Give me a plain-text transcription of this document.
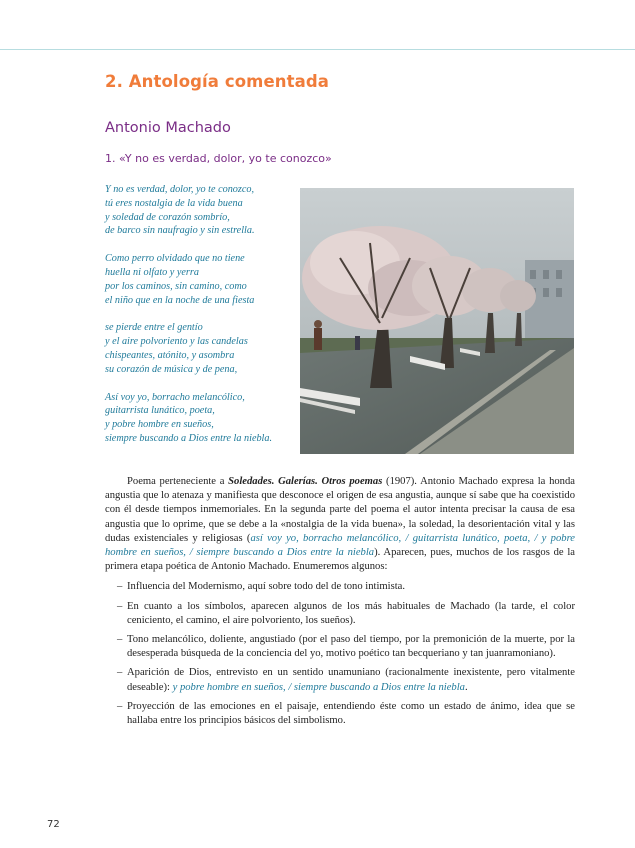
2. Antología comentada
Antonio Machado
1. «Y no es verdad, dolor, yo te conozco»
Y no es verdad, dolor, yo te conozco,
tú eres nostalgia de la vida buena
y soledad de corazón sombrío,
de barco sin naufragio y sin estrella.
Como perro olvidado que no tiene
huella ni olfato y yerra
por los caminos, sin camino, como
el niño que en la noche de una fiesta
se pierde entre el gentío
y el aire polvoriento y las candelas
chispeantes, atónito, y asombra
su corazón de música y de pena,
Así voy yo, borracho melancólico,
guitarrista lunático, poeta,
y pobre hombre en sueños,
siempre buscando a Dios entre la niebla.

Poema perteneciente a Soledades. Galerías. Otros poemas (1907). Antonio Machado expresa la honda angustia que lo atenaza y manifiesta que desconoce el origen de esa angustia, aunque sí sabe que ha coexistido con él desde tiempos inmemoriales. En la segunda parte del poema el autor intenta precisar la causa de esa angustia que lo oprime, que se debe a la «nostalgia de la vida buena», la soledad, la desorientación vital y las dudas existenciales y religiosas (así voy yo, borracho melancólico, / guitarrista lunático, poeta, / y pobre hombre en sueños, / siempre buscando a Dios entre la niebla). Aparecen, pues, muchos de los rasgos de la primera etapa poética de Antonio Machado. Enumeremos algunos:

– Influencia del Modernismo, aquí sobre todo del de tono intimista.
– En cuanto a los símbolos, aparecen algunos de los más habituales de Machado (la tarde, el color ceniciento, el camino, el aire polvoriento, los sueños).
– Tono melancólico, doliente, angustiado (por el paso del tiempo, por la premonición de la muerte, por la desesperada búsqueda de la conciencia del yo, motivo poético tan becqueriano y tan juanramoniano).
– Aparición de Dios, entrevisto en un sentido unamuniano (racionalmente inexistente, pero vitalmente deseable): y pobre hombre en sueños, / siempre buscando a Dios entre la niebla.
– Proyección de las emociones en el paisaje, entendiendo éste como un estado de ánimo, idea que se hallaba entre los principios básicos del simbolismo.
72
